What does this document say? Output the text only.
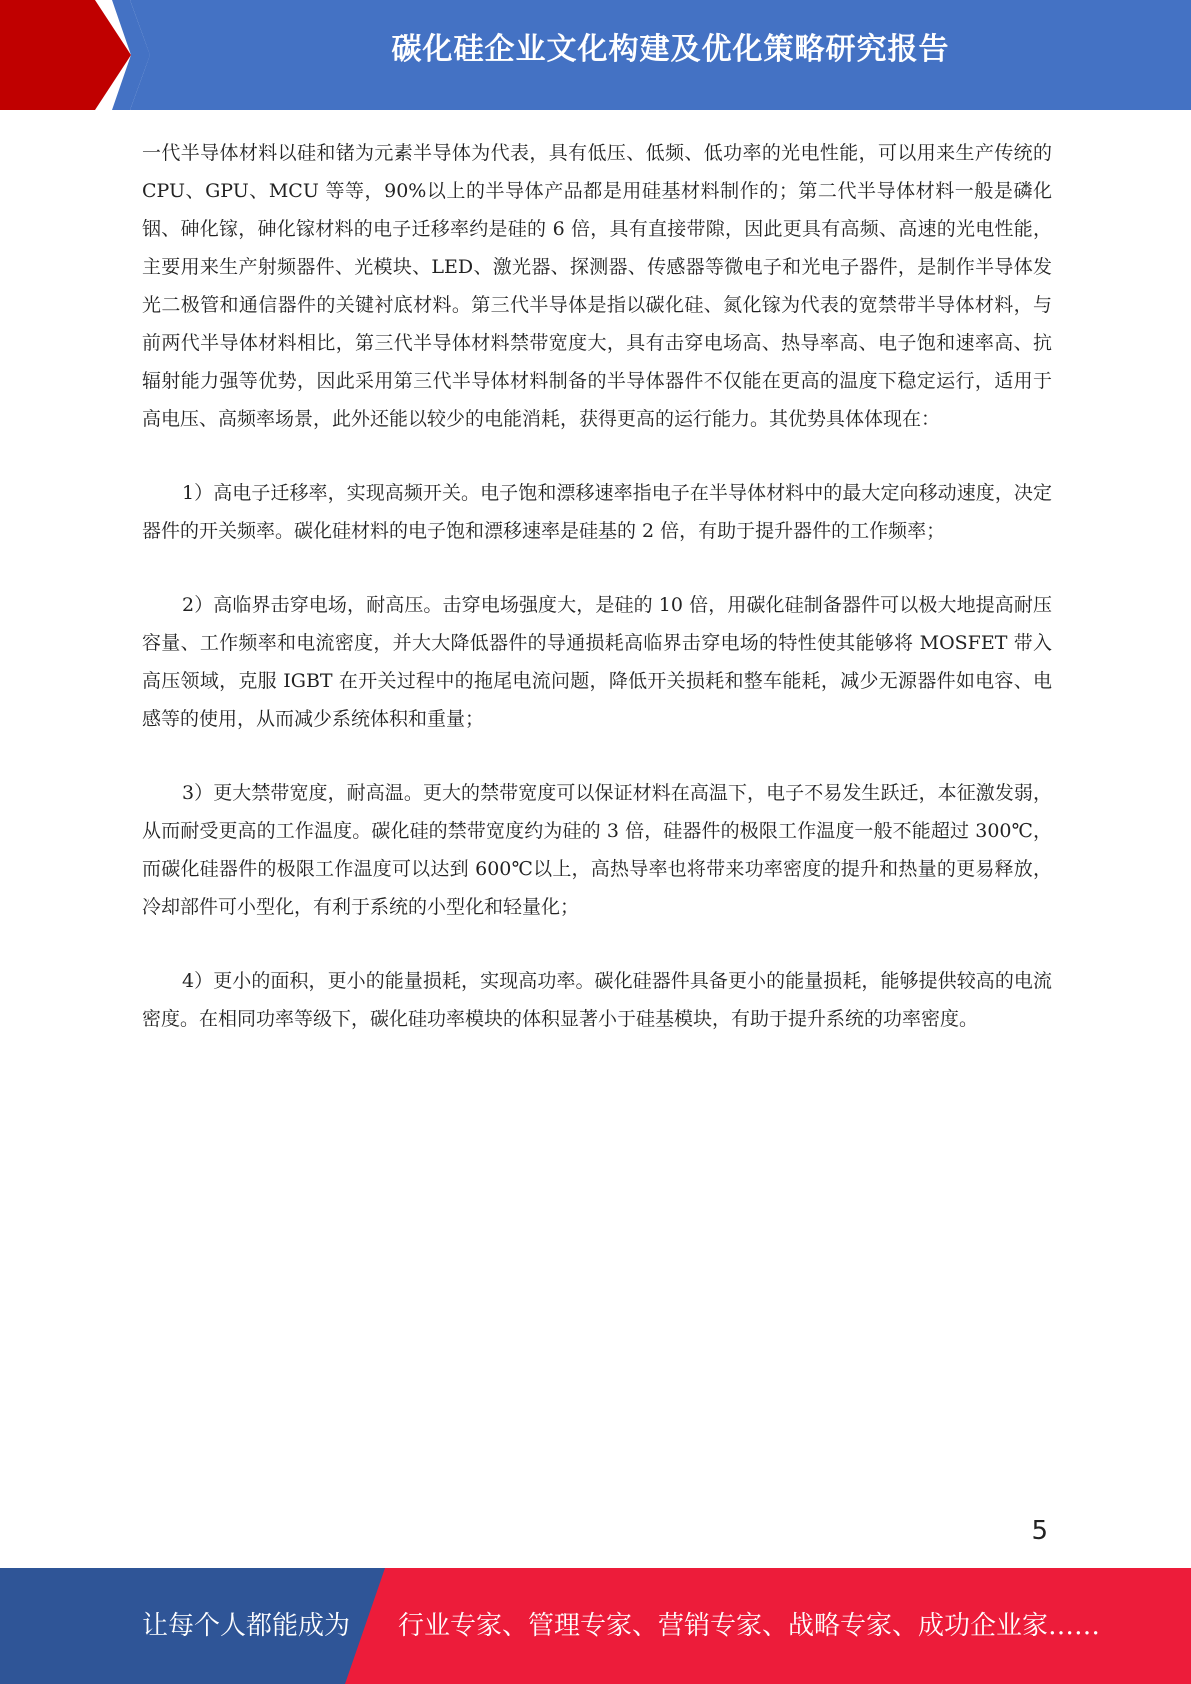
碳化硅企业文化构建及优化策略研究报告

一代半导体材料以硅和锗为元素半导体为代表，具有低压、低频、低功率的光电性能，可以用来生产传统的 CPU、GPU、MCU 等等，90%以上的半导体产品都是用硅基材料制作的；第二代半导体材料一般是磷化铟、砷化镓，砷化镓材料的电子迁移率约是硅的 6 倍，具有直接带隙，因此更具有高频、高速的光电性能，主要用来生产射频器件、光模块、LED、激光器、探测器、传感器等微电子和光电子器件，是制作半导体发光二极管和通信器件的关键衬底材料。第三代半导体是指以碳化硅、氮化镓为代表的宽禁带半导体材料，与前两代半导体材料相比，第三代半导体材料禁带宽度大，具有击穿电场高、热导率高、电子饱和速率高、抗辐射能力强等优势，因此采用第三代半导体材料制备的半导体器件不仅能在更高的温度下稳定运行，适用于高电压、高频率场景，此外还能以较少的电能消耗，获得更高的运行能力。其优势具体体现在：

1）高电子迁移率，实现高频开关。电子饱和漂移速率指电子在半导体材料中的最大定向移动速度，决定器件的开关频率。碳化硅材料的电子饱和漂移速率是硅基的 2 倍，有助于提升器件的工作频率；

2）高临界击穿电场，耐高压。击穿电场强度大，是硅的 10 倍，用碳化硅制备器件可以极大地提高耐压容量、工作频率和电流密度，并大大降低器件的导通损耗高临界击穿电场的特性使其能够将 MOSFET 带入高压领域，克服 IGBT 在开关过程中的拖尾电流问题，降低开关损耗和整车能耗，减少无源器件如电容、电感等的使用，从而减少系统体积和重量；

3）更大禁带宽度，耐高温。更大的禁带宽度可以保证材料在高温下，电子不易发生跃迁，本征激发弱，从而耐受更高的工作温度。碳化硅的禁带宽度约为硅的 3 倍，硅器件的极限工作温度一般不能超过 300℃，而碳化硅器件的极限工作温度可以达到 600℃以上，高热导率也将带来功率密度的提升和热量的更易释放，冷却部件可小型化，有利于系统的小型化和轻量化；

4）更小的面积，更小的能量损耗，实现高功率。碳化硅器件具备更小的能量损耗，能够提供较高的电流密度。在相同功率等级下，碳化硅功率模块的体积显著小于硅基模块，有助于提升系统的功率密度。

5
让每个人都能成为 行业专家、管理专家、营销专家、战略专家、成功企业家……
